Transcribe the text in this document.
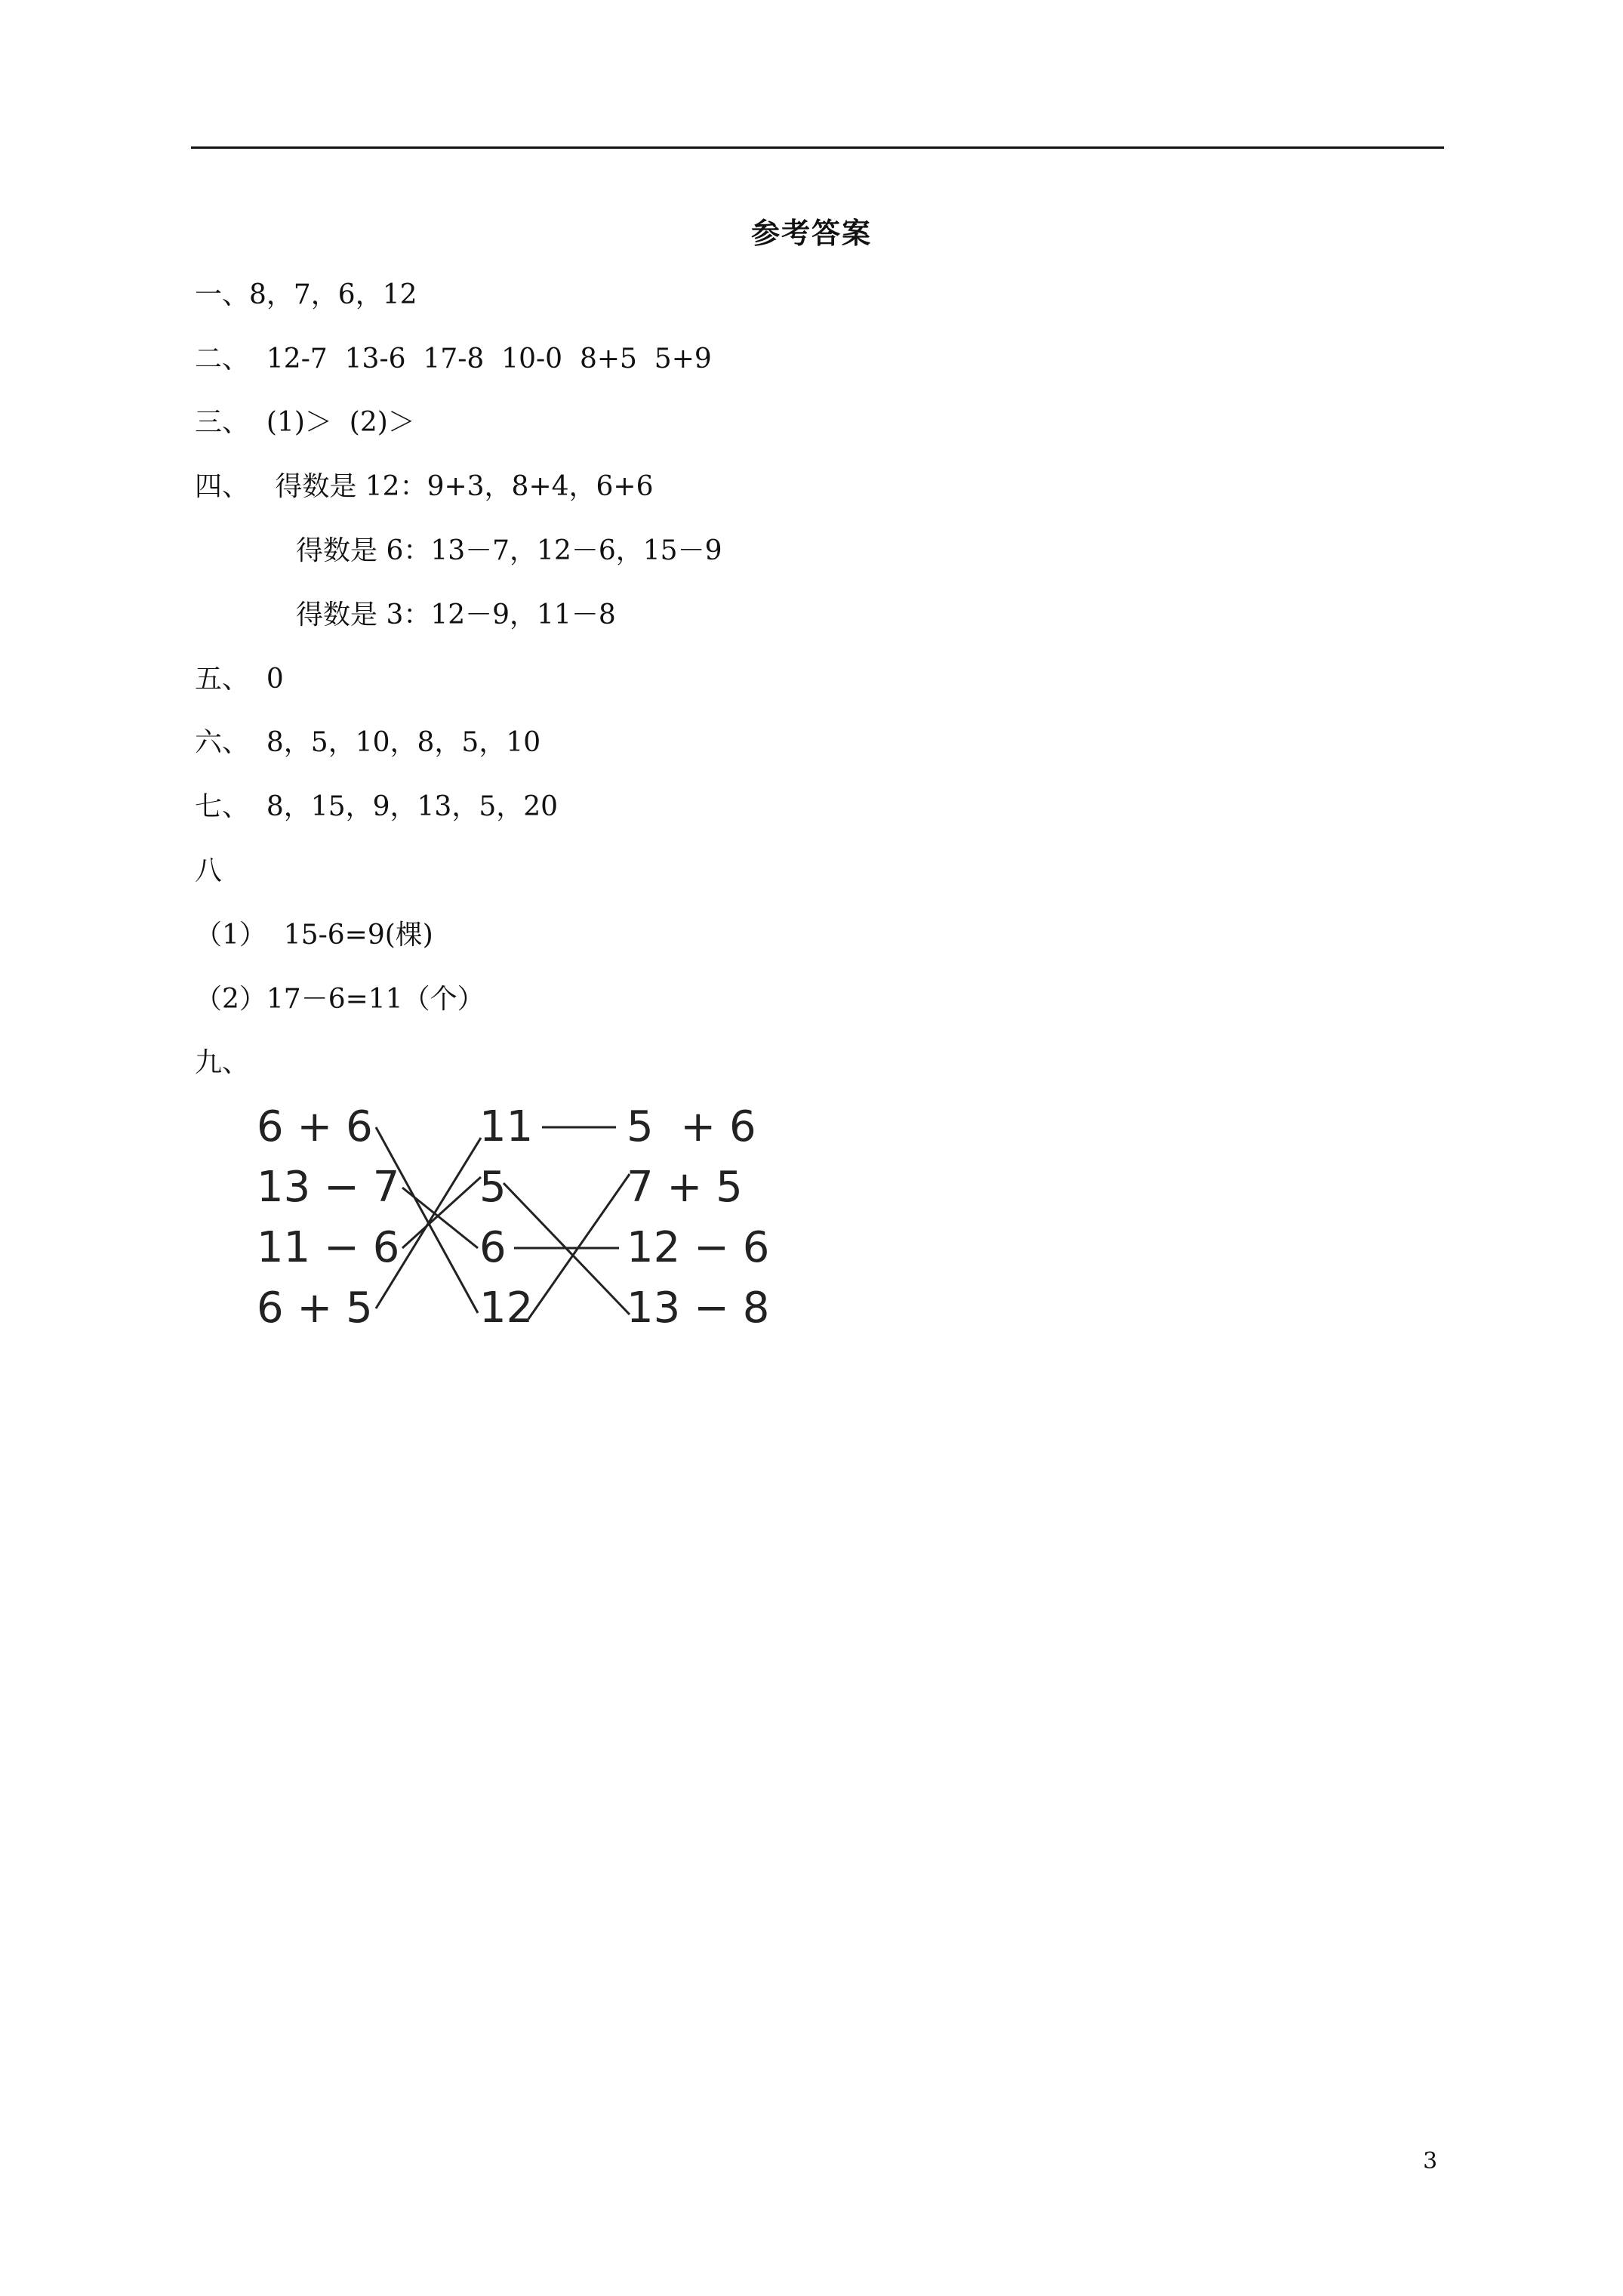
参考答案
一、8，7，6，12
二、  12-7  13-6  17-8  10-0  8+5  5+9
三、  (1)＞  (2)＞
四、   得数是 12：9+3，8+4，6+6
得数是 6：13－7，12－6，15－9
得数是 3：12－9，11－8
五、  0
六、  8，5，10，8，5，10
七、  8，15，9，13，5，20
八
（1）  15-6=9(棵)
（2）17－6=11（个）
九、
6 + 6
13 − 7
11 − 6
6 + 5
11
5
6
12
5  + 6
7 + 5
12 − 6
13 − 8
3
